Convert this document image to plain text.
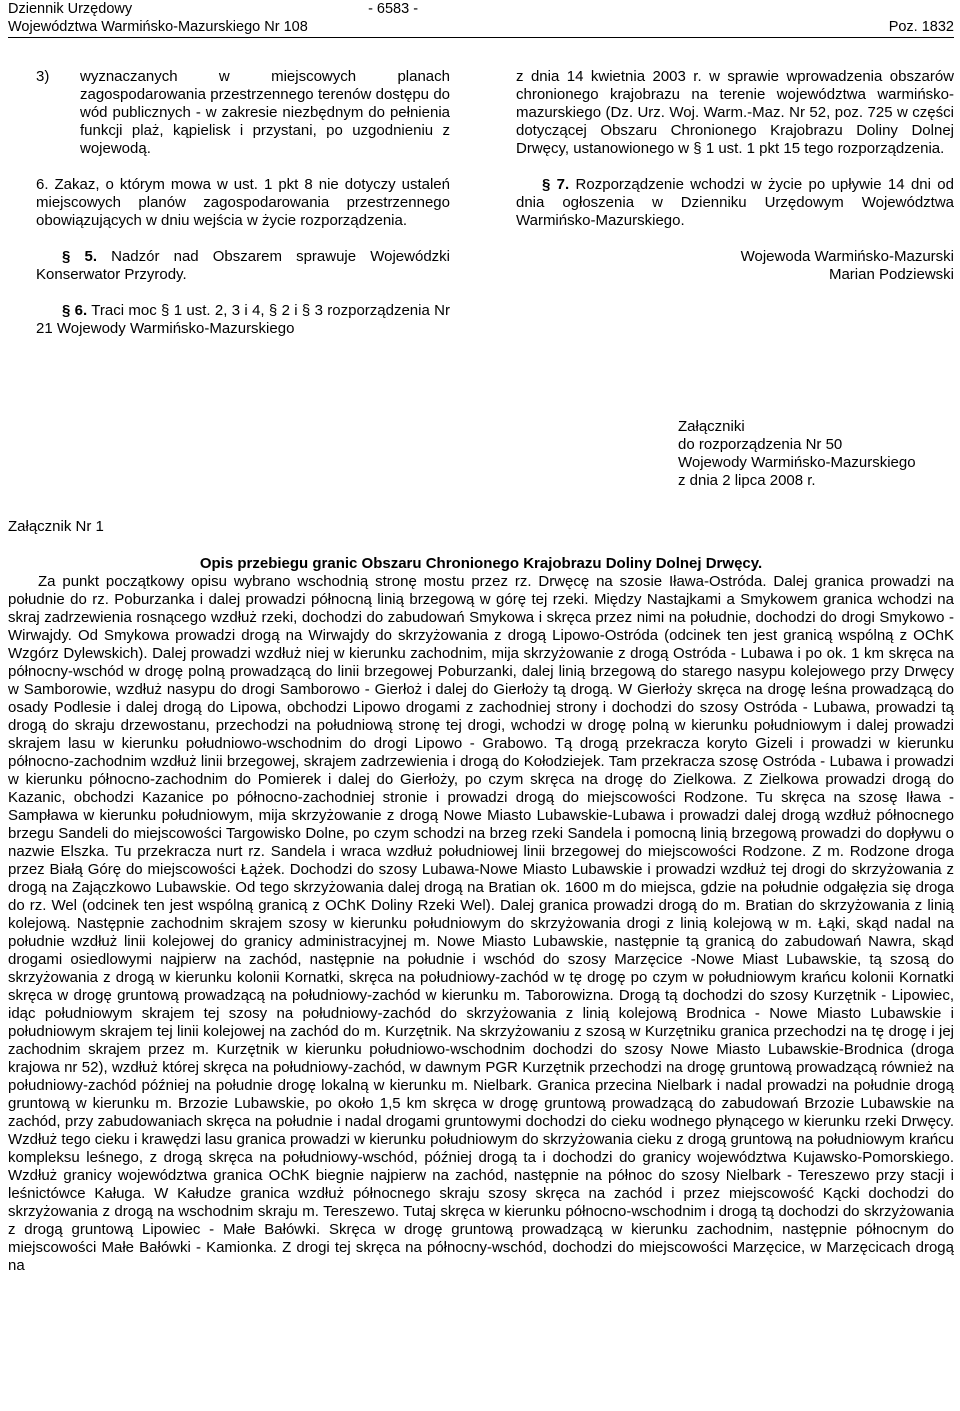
Dziennik Urzędowy	- 6583 -
Województwa Warmińsko-Mazurskiego Nr 108	Poz. 1832
3)	wyznaczanych w miejscowych planach zagospodarowania przestrzennego terenów dostępu do wód publicznych - w zakresie niezbędnym do pełnienia funkcji plaż, kąpielisk i przystani, po uzgodnieniu z wojewodą.

6. Zakaz, o którym mowa w ust. 1 pkt 8 nie dotyczy ustaleń miejscowych planów zagospodarowania przestrzennego obowiązujących w dniu wejścia w życie rozporządzenia.

§ 5. Nadzór nad Obszarem sprawuje Wojewódzki Konserwator Przyrody.

§ 6. Traci moc § 1 ust. 2, 3 i 4, § 2 i § 3 rozporządzenia Nr 21 Wojewody Warmińsko-Mazurskiego

z dnia 14 kwietnia 2003 r. w sprawie wprowadzenia obszarów chronionego krajobrazu na terenie województwa warmińsko-mazurskiego (Dz. Urz. Woj. Warm.-Maz. Nr 52, poz. 725 w części dotyczącej Obszaru Chronionego Krajobrazu Doliny Dolnej Drwęcy, ustanowionego w § 1 ust. 1 pkt 15 tego rozporządzenia.

§ 7. Rozporządzenie wchodzi w życie po upływie 14 dni od dnia ogłoszenia w Dzienniku Urzędowym Województwa Warmińsko-Mazurskiego.

Wojewoda Warmińsko-Mazurski

Marian Podziewski

Załączniki

do rozporządzenia Nr 50

Wojewody Warmińsko-Mazurskiego

z dnia 2 lipca 2008 r.

Załącznik Nr 1

Opis przebiegu granic Obszaru Chronionego Krajobrazu Doliny Dolnej Drwęcy.

Za punkt początkowy opisu wybrano wschodnią stronę mostu przez rz. Drwęcę na szosie Iława-Ostróda. Dalej granica prowadzi na południe do rz. Poburzanka i dalej prowadzi północną linią brzegową w górę tej rzeki. Między Nastajkami a Smykowem granica wchodzi na skraj zadrzewienia rosnącego wzdłuż rzeki, dochodzi do zabudowań Smykowa i skręca przez nimi na południe, dochodzi do drogi Smykowo - Wirwajdy. Od Smykowa prowadzi drogą na Wirwajdy do skrzyżowania z drogą Lipowo-Ostróda (odcinek ten jest granicą wspólną z OChK Wzgórz Dylewskich). Dalej prowadzi wzdłuż niej w kierunku zachodnim, mija skrzyżowanie z drogą Ostróda - Lubawa i po ok. 1 km skręca na północny-wschód w drogę polną prowadzącą do linii brzegowej Poburzanki, dalej linią brzegową do starego nasypu kolejowego przy Drwęcy w Samborowie, wzdłuż nasypu do drogi Samborowo - Gierłoż i dalej do Gierłoży tą drogą. W Gierłoży skręca na drogę leśna prowadzącą do osady Podlesie i dalej drogą do Lipowa, obchodzi Lipowo drogami z zachodniej strony i dochodzi do szosy Ostróda - Lubawa, prowadzi tą drogą do skraju drzewostanu, przechodzi na południową stronę tej drogi, wchodzi w drogę polną w kierunku południowym i dalej prowadzi skrajem lasu w kierunku południowo-wschodnim do drogi Lipowo - Grabowo. Tą drogą przekracza koryto Gizeli i prowadzi w kierunku północno-zachodnim wzdłuż linii brzegowej, skrajem zadrzewienia i drogą do Kołodziejek. Tam przekracza szosę Ostróda - Lubawa i prowadzi w kierunku północno-zachodnim do Pomierek i dalej do Gierłoży, po czym skręca na drogę do Zielkowa. Z Zielkowa prowadzi drogą do Kazanic, obchodzi Kazanice po północno-zachodniej stronie i prowadzi drogą do miejscowości Rodzone. Tu skręca na szosę Iława - Sampława w kierunku południowym, mija skrzyżowanie z drogą Nowe Miasto Lubawskie-Lubawa i prowadzi dalej drogą wzdłuż północnego brzegu Sandeli do miejscowości Targowisko Dolne, po czym schodzi na brzeg rzeki Sandela i pomocną linią brzegową prowadzi do dopływu o nazwie Elszka. Tu przekracza nurt rz. Sandela i wraca wzdłuż południowej linii brzegowej do miejscowości Rodzone. Z m. Rodzone droga przez Białą Górę do miejscowości Łążek. Dochodzi do szosy Lubawa-Nowe Miasto Lubawskie i prowadzi wzdłuż tej drogi do skrzyżowania z drogą na Zajączkowo Lubawskie. Od tego skrzyżowania dalej drogą na Bratian ok. 1600 m do miejsca, gdzie na południe odgałęzia się droga do rz. Wel (odcinek ten jest wspólną granicą z OChK Doliny Rzeki Wel). Dalej granica prowadzi drogą do m. Bratian do skrzyżowania z linią kolejową. Następnie zachodnim skrajem szosy w kierunku południowym do skrzyżowania drogi z linią kolejową w m. Łąki, skąd nadal na południe wzdłuż linii kolejowej do granicy administracyjnej m. Nowe Miasto Lubawskie, następnie tą granicą do zabudowań Nawra, skąd drogami osiedlowymi najpierw na zachód, następnie na południe i wschód do szosy Marzęcice -Nowe Miast Lubawskie, tą szosą do skrzyżowania z drogą w kierunku kolonii Kornatki, skręca na południowy-zachód w tę drogę po czym w południowym krańcu kolonii Kornatki skręca w drogę gruntową prowadzącą na południowy-zachód w kierunku m. Taborowizna. Drogą tą dochodzi do szosy Kurzętnik - Lipowiec, idąc południowym skrajem tej szosy na południowy-zachód do skrzyżowania z linią kolejową Brodnica - Nowe Miasto Lubawskie i południowym skrajem tej linii kolejowej na zachód do m. Kurzętnik. Na skrzyżowaniu z szosą w Kurzętniku granica przechodzi na tę drogę i jej zachodnim skrajem przez m. Kurzętnik w kierunku południowo-wschodnim dochodzi do szosy Nowe Miasto Lubawskie-Brodnica (droga krajowa nr 52), wzdłuż której skręca na południowy-zachód, w dawnym PGR Kurzętnik przechodzi na drogę gruntową prowadzącą również na południowy-zachód później na południe drogę lokalną w kierunku m. Nielbark. Granica przecina Nielbark i nadal prowadzi na południe drogą gruntową w kierunku m. Brzozie Lubawskie, po około 1,5 km skręca w drogę gruntową prowadzącą do zabudowań Brzozie Lubawskie na zachód, przy zabudowaniach skręca na południe i nadal drogami gruntowymi dochodzi do cieku wodnego płynącego w kierunku rzeki Drwęcy. Wzdłuż tego cieku i krawędzi lasu granica prowadzi w kierunku południowym do skrzyżowania cieku z drogą gruntową na południowym krańcu kompleksu leśnego, z drogą skręca na południowy-wschód, później drogą ta i dochodzi do granicy województwa Kujawsko-Pomorskiego. Wzdłuż granicy województwa granica OChK biegnie najpierw na zachód, następnie na północ do szosy Nielbark - Tereszewo przy stacji i leśnictówce Kaługa. W Kałudze granica wzdłuż północnego skraju szosy skręca na zachód i przez miejscowość Kącki dochodzi do skrzyżowania z drogą na wschodnim skraju m. Tereszewo. Tutaj skręca w kierunku północno-wschodnim i drogą tą dochodzi do skrzyżowania z drogą gruntową Lipowiec - Małe Bałówki. Skręca w drogę gruntową prowadzącą w kierunku zachodnim, następnie północnym do miejscowości Małe Bałówki - Kamionka. Z drogi tej skręca na północny-wschód, dochodzi do miejscowości Marzęcice, w Marzęcicach drogą na
